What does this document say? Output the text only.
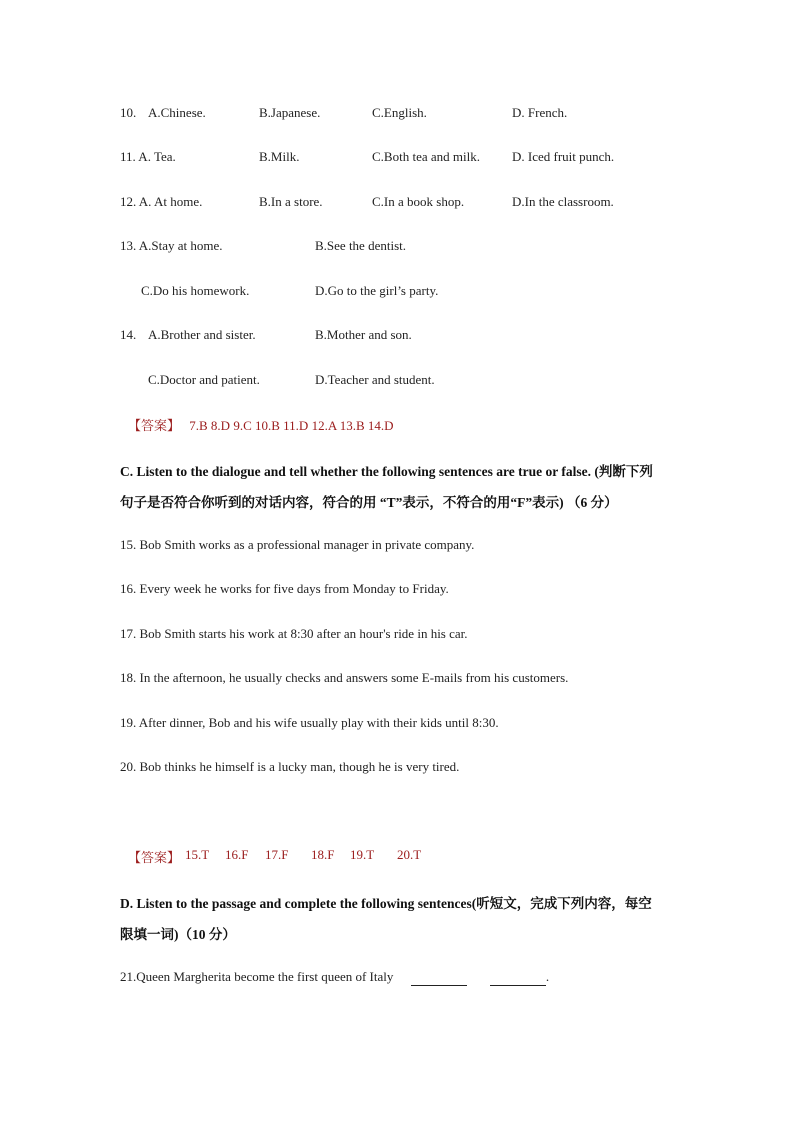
10. A.Chinese.	B.Japanese.	C.English.	D. French.
11. A. Tea.	B.Milk.	C.Both tea and milk. D. Iced fruit punch.
12. A. At home.	B.In a store.	C.In a book shop.	D.In the classroom.
13. A.Stay at home.	B.See the dentist.
C.Do his homework.	D.Go to the girl’s party.
14. A.Brother and sister.	B.Mother and son.
C.Doctor and patient.	D.Teacher and student.
【答案】 7.B 8.D 9.C 10.B 11.D 12.A 13.B 14.D
C. Listen to the dialogue and tell whether the following sentences are true or false. (判断下列
句子是否符合你听到的对话内容，符合的用 “T”表示，不符合的用“F”表示) （6 分）
15. Bob Smith works as a professional manager in private company.
16. Every week he works for five days from Monday to Friday.
17. Bob Smith starts his work at 8:30 after an hour's ride in his car.
18. In the afternoon, he usually checks and answers some E-mails from his customers.
19. After dinner, Bob and his wife usually play with their kids until 8:30.
20. Bob thinks he himself is a lucky man, though he is very tired.
【答案】 15.T 16.F 17.F 18.F 19.T 20.T
D. Listen to the passage and complete the following sentences(听短文，完成下列内容，每空
限填一词)（10 分）
21.Queen Margherita become the first queen of Italy	.
